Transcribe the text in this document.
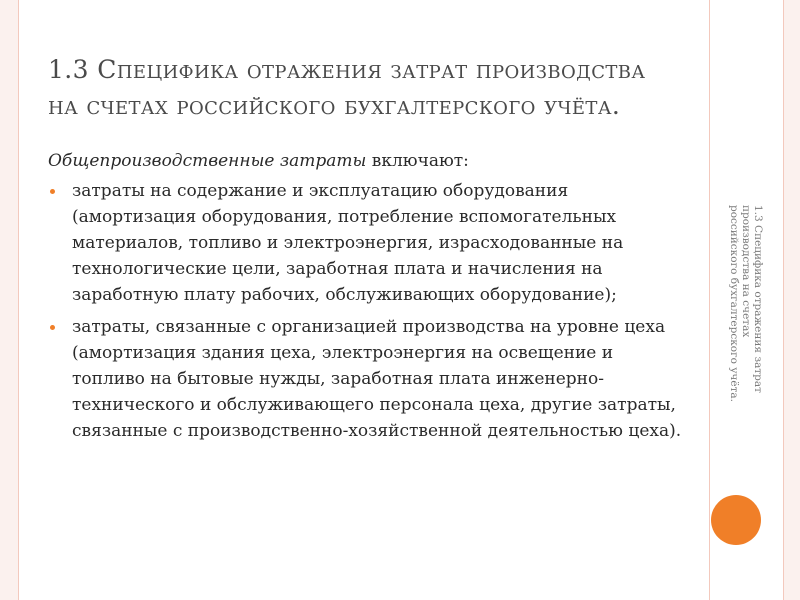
1.3 Специфика отражения затрат производства на счетах российского бухгалтерского учёта.

Общепроизводственные затраты включают:

затраты на содержание и эксплуатацию оборудования (амортизация оборудования, потребление вспомогательных материалов, топливо и электроэнергия, израсходованные на технологические цели, заработная плата и начисления на заработную плату рабочих, обслуживающих оборудование);
затраты, связанные с организацией производства на уровне цеха (амортизация здания цеха, электроэнергия на освещение и топливо на бытовые нужды, заработная плата инженерно-технического и обслуживающего персонала цеха, другие затраты, связанные с производственно-хозяйственной деятельностью цеха).
1.3 Специфика отражения затрат производства на счетах российского бухгалтерского учёта.
